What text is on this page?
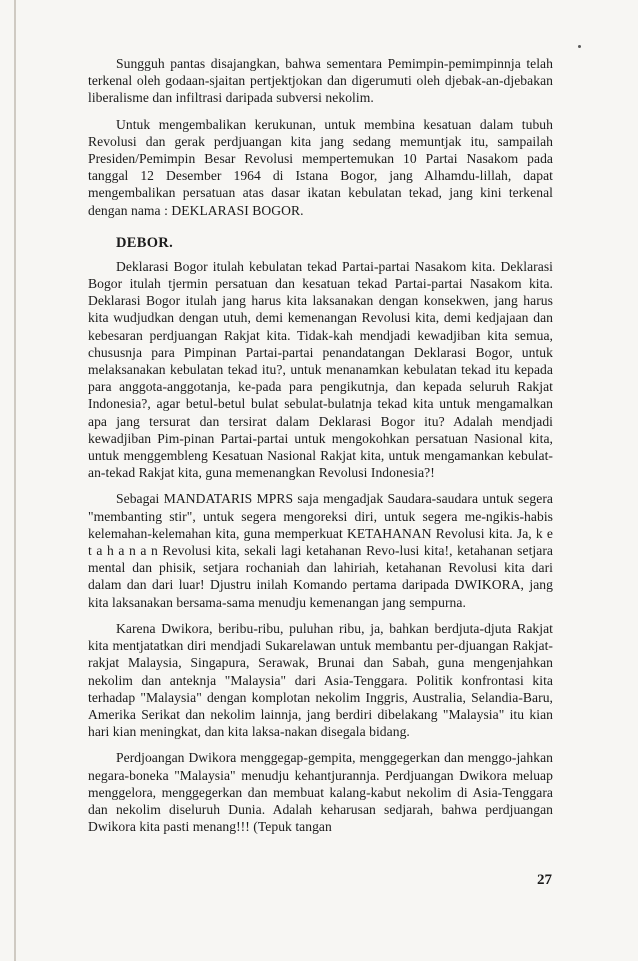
Sungguh pantas disajangkan, bahwa sementara Pemimpin-pemimpinnja telah terkenal oleh godaan-sjaitan pertjektjokan dan digerumuti oleh djebak-an-djebakan liberalisme dan infiltrasi daripada subversi nekolim.

Untuk mengembalikan kerukunan, untuk membina kesatuan dalam tubuh Revolusi dan gerak perdjuangan kita jang sedang memuntjak itu, sampailah Presiden/Pemimpin Besar Revolusi mempertemukan 10 Partai Nasakom pada tanggal 12 Desember 1964 di Istana Bogor, jang Alhamdu-lillah, dapat mengembalikan persatuan atas dasar ikatan kebulatan tekad, jang kini terkenal dengan nama : DEKLARASI BOGOR.

DEBOR.

Deklarasi Bogor itulah kebulatan tekad Partai-partai Nasakom kita. Deklarasi Bogor itulah tjermin persatuan dan kesatuan tekad Partai-partai Nasakom kita. Deklarasi Bogor itulah jang harus kita laksanakan dengan konsekwen, jang harus kita wudjudkan dengan utuh, demi kemenangan Revolusi kita, demi kedjajaan dan kebesaran perdjuangan Rakjat kita. Tidak-kah mendjadi kewadjiban kita semua, chususnja para Pimpinan Partai-partai penandatangan Deklarasi Bogor, untuk melaksanakan kebulatan tekad itu?, untuk menanamkan kebulatan tekad itu kepada para anggota-anggotanja, ke-pada para pengikutnja, dan kepada seluruh Rakjat Indonesia?, agar betul-betul bulat sebulat-bulatnja tekad kita untuk mengamalkan apa jang tersurat dan tersirat dalam Deklarasi Bogor itu? Adalah mendjadi kewadjiban Pim-pinan Partai-partai untuk mengokohkan persatuan Nasional kita, untuk menggembleng Kesatuan Nasional Rakjat kita, untuk mengamankan kebulat-an-tekad Rakjat kita, guna memenangkan Revolusi Indonesia?!

Sebagai MANDATARIS MPRS saja mengadjak Saudara-saudara untuk segera "membanting stir", untuk segera mengoreksi diri, untuk segera me-ngikis-habis kelemahan-kelemahan kita, guna memperkuat KETAHANAN Revolusi kita. Ja, k e t a h a n a n Revolusi kita, sekali lagi ketahanan Revo-lusi kita!, ketahanan setjara mental dan phisik, setjara rochaniah dan lahiriah, ketahanan Revolusi kita dari dalam dan dari luar! Djustru inilah Komando pertama daripada DWIKORA, jang kita laksanakan bersama-sama menudju kemenangan jang sempurna.

Karena Dwikora, beribu-ribu, puluhan ribu, ja, bahkan berdjuta-djuta Rakjat kita mentjatatkan diri mendjadi Sukarelawan untuk membantu per-djuangan Rakjat-rakjat Malaysia, Singapura, Serawak, Brunai dan Sabah, guna mengenjahkan nekolim dan anteknja "Malaysia" dari Asia-Tenggara. Politik konfrontasi kita terhadap "Malaysia" dengan komplotan nekolim Inggris, Australia, Selandia-Baru, Amerika Serikat dan nekolim lainnja, jang berdiri dibelakang "Malaysia" itu kian hari kian meningkat, dan kita laksa-nakan disegala bidang.

Perdjoangan Dwikora menggegap-gempita, menggegerkan dan menggo-jahkan negara-boneka "Malaysia" menudju kehantjurannja. Perdjuangan Dwikora meluap menggelora, menggegerkan dan membuat kalang-kabut nekolim di Asia-Tenggara dan nekolim diseluruh Dunia. Adalah keharusan sedjarah, bahwa perdjuangan Dwikora kita pasti menang!!! (Tepuk tangan

27
